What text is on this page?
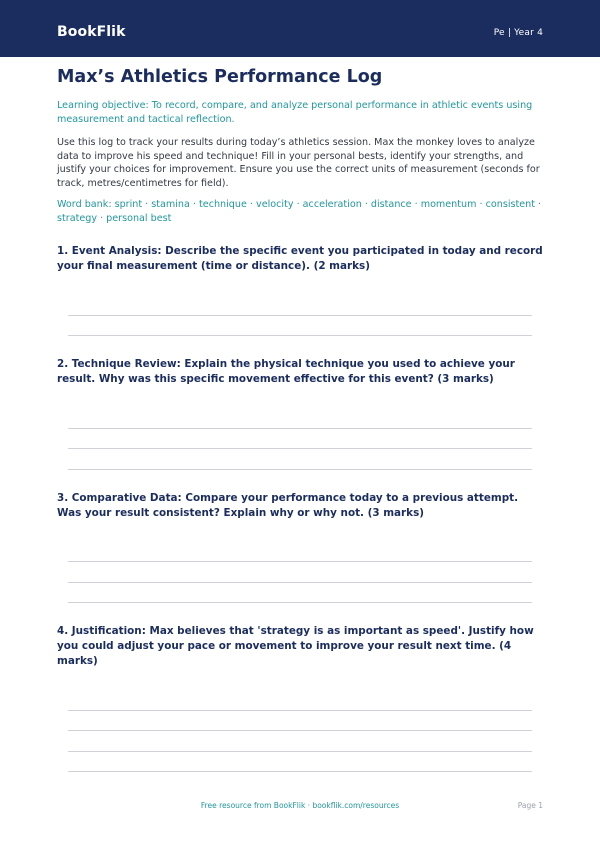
BookFlik	Pe | Year 4
Max’s Athletics Performance Log

Learning objective: To record, compare, and analyze personal performance in athletic events using measurement and tactical reflection.

Use this log to track your results during today’s athletics session. Max the monkey loves to analyze data to improve his speed and technique! Fill in your personal bests, identify your strengths, and justify your choices for improvement. Ensure you use the correct units of measurement (seconds for track, metres/centimetres for field).

Word bank: sprint · stamina · technique · velocity · acceleration · distance · momentum · consistent · strategy · personal best

1. Event Analysis: Describe the specific event you participated in today and record your final measurement (time or distance). (2 marks)

2. Technique Review: Explain the physical technique you used to achieve your result. Why was this specific movement effective for this event? (3 marks)

3. Comparative Data: Compare your performance today to a previous attempt. Was your result consistent? Explain why or why not. (3 marks)

4. Justification: Max believes that 'strategy is as important as speed'. Justify how you could adjust your pace or movement to improve your result next time. (4 marks)

Free resource from BookFlik · bookflik.com/resources	Page 1
